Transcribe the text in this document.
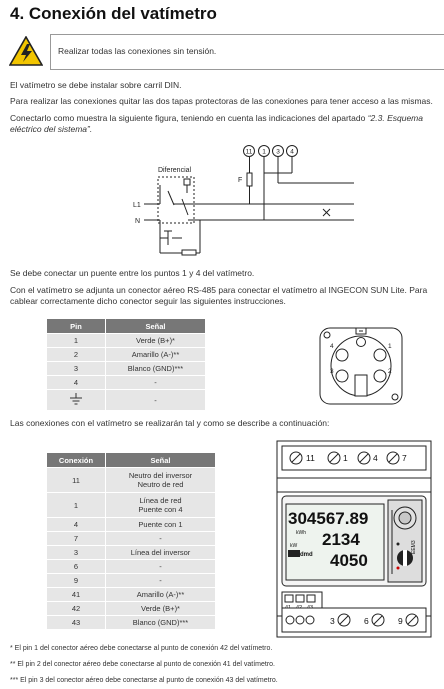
4. Conexión del vatímetro
Realizar todas las conexiones sin tensión.
El vatímetro se debe instalar sobre carril DIN.
Para realizar las conexiones quitar las dos tapas protectoras de las conexiones para tener acceso a las mismas.
Conectarlo como muestra la siguiente figura, teniendo en cuenta las indicaciones del apartado “2.3. Esquema
eléctrico del sistema”.
Diferencial
L1
N
F
11 1 3 4
Se debe conectar un puente entre los puntos 1 y 4 del vatímetro.
Con el vatímetro se adjunta un conector aéreo RS-485 para conectar el vatímetro al INGECON SUN Lite. Para
cablear correctamente dicho conector seguir las siguientes instrucciones.
Pin	Señal
1	Verde (B+)*
2	Amarillo (A-)**
3	Blanco (GND)***
4	-
	-
4	1
3	2
Las conexiones con el vatímetro se realizarán tal y como se describe a continuación:
Conexión	Señal
11	Neutro del inversor
Neutro de red
1	Línea de red
Puente con 4
4	Puente con 1
7	-
3	Línea del inversor
6	-
9	-
41	Amarillo (A-)**
42	Verde (B+)*
43	Blanco (GND)***
11	1	4	7
304567.89
kWh 2134
kW
dmd 4050
EEM3
3	6	9
* El pin 1 del conector aéreo debe conectarse al punto de conexión 42 del vatímetro.
** El pin 2 del conector aéreo debe conectarse al punto de conexión 41 del vatímetro.
*** El pin 3 del conector aéreo debe conectarse al punto de conexión 43 del vatímetro.
